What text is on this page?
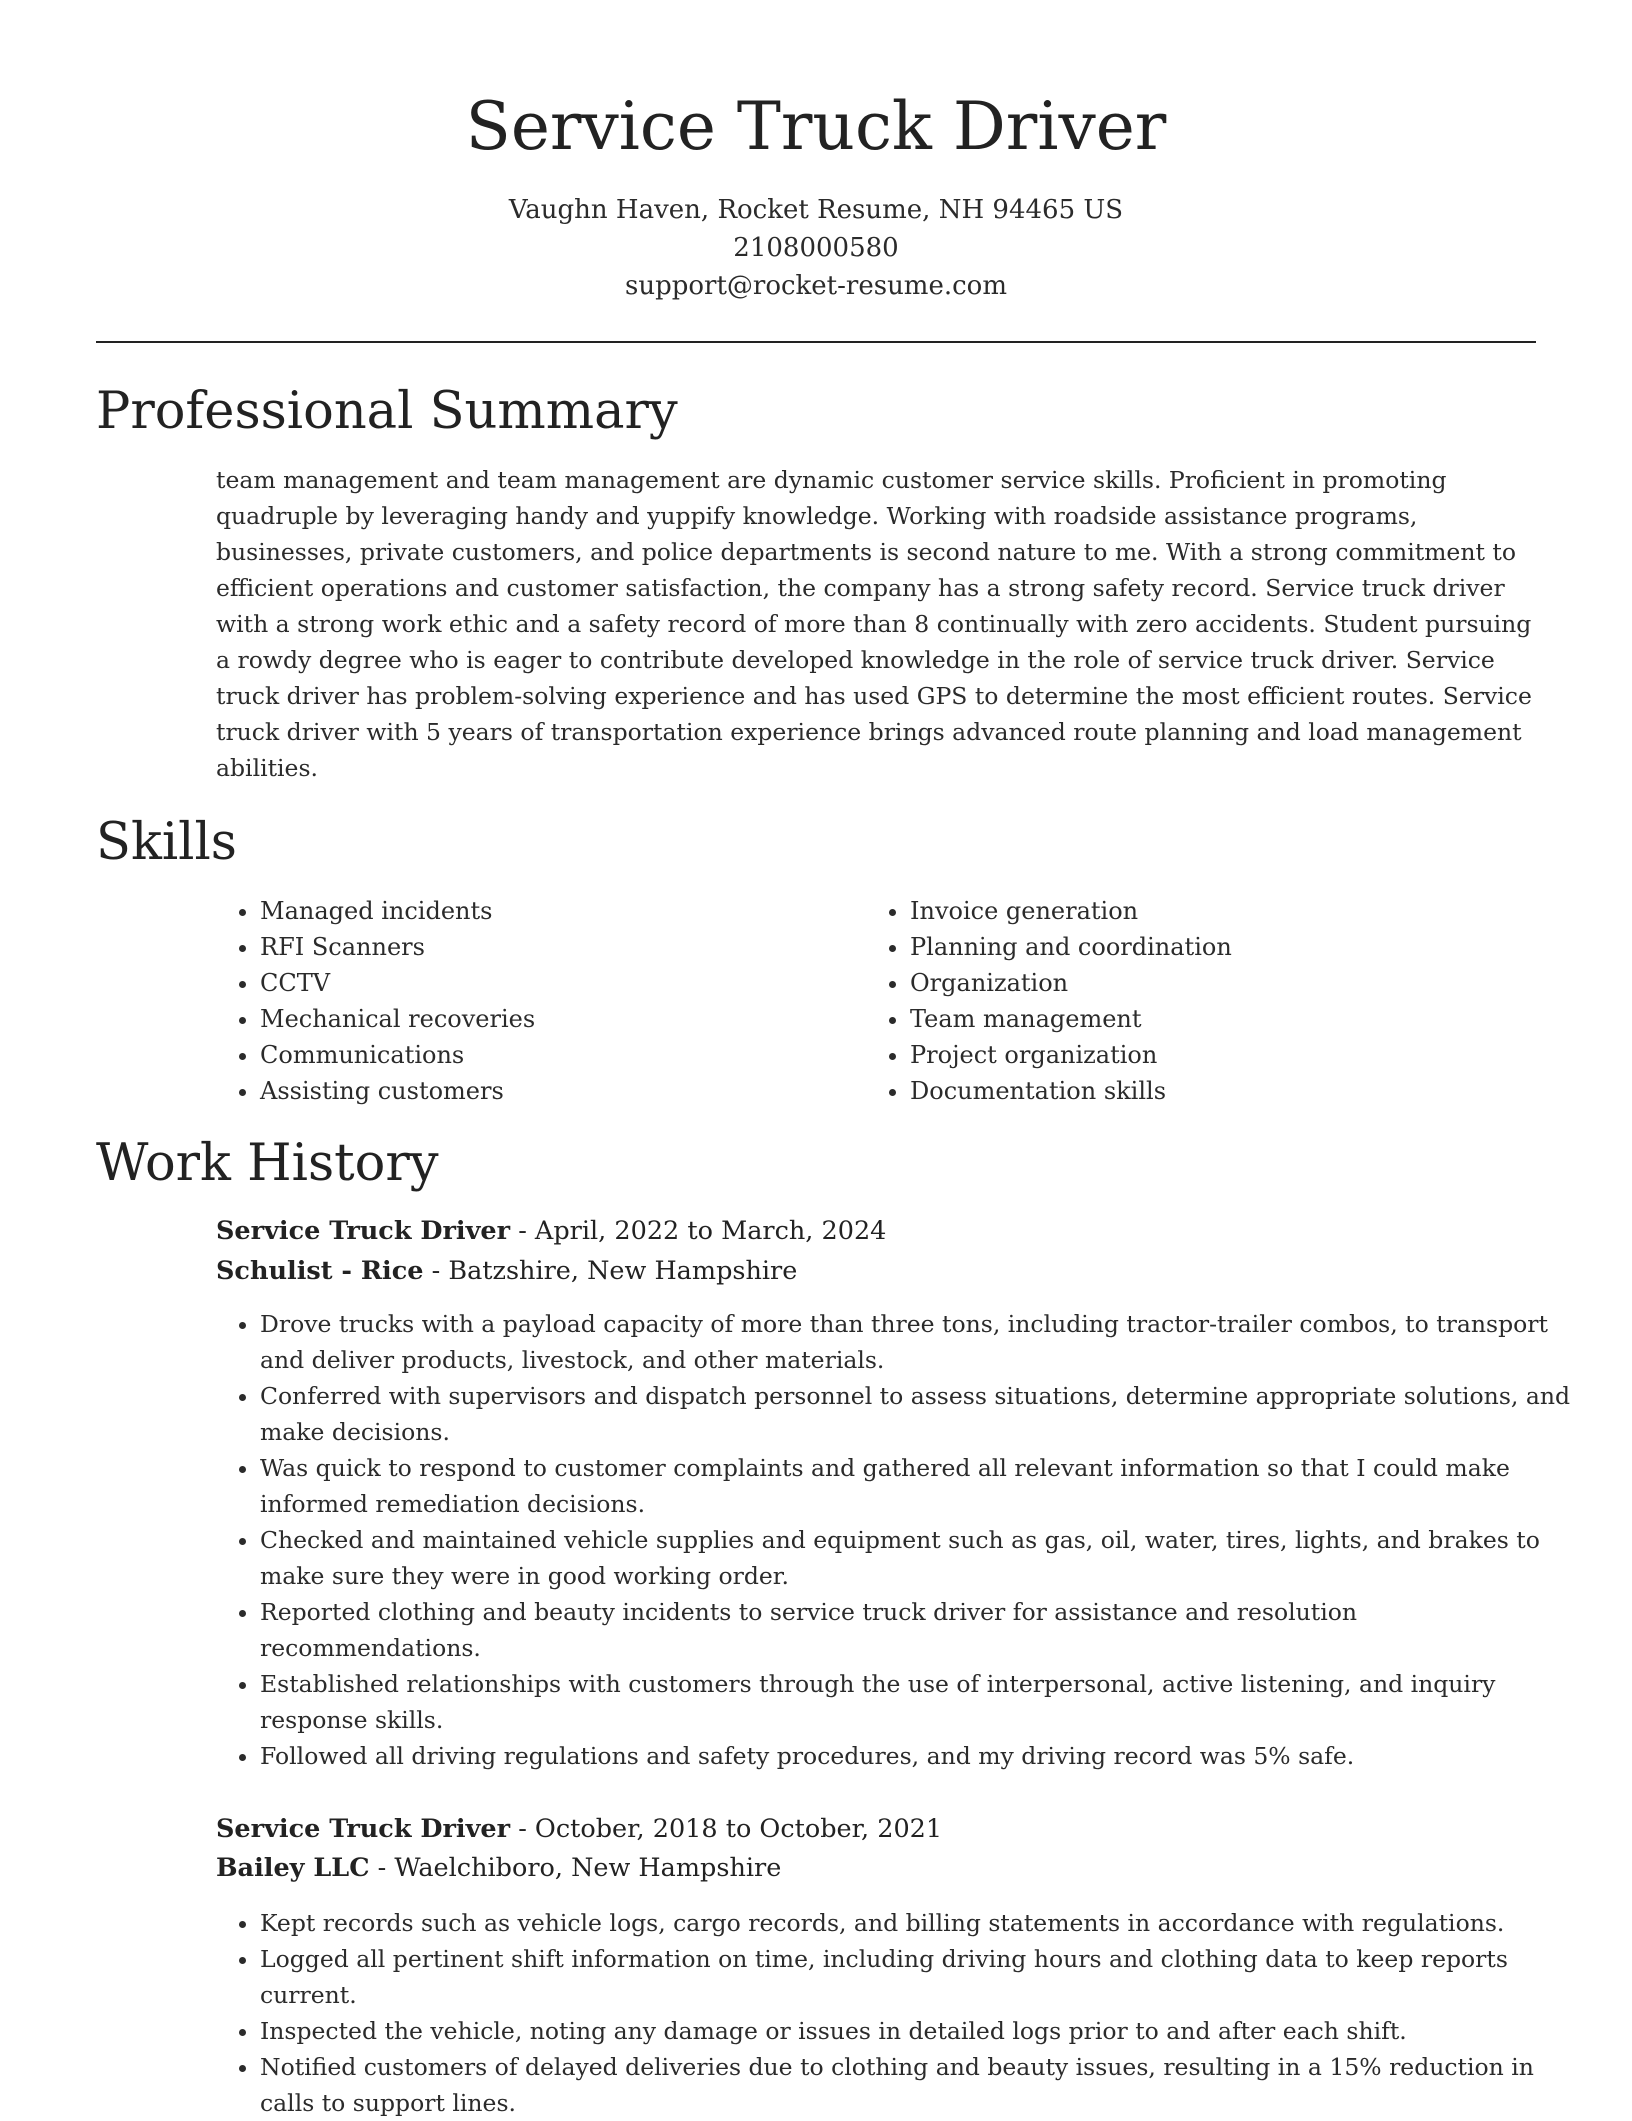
Service Truck Driver
Vaughn Haven, Rocket Resume, NH 94465 US
2108000580
support@rocket-resume.com
Professional Summary

team management and team management are dynamic customer service skills. Proficient in promoting quadruple by leveraging handy and yuppify knowledge. Working with roadside assistance programs, businesses, private customers, and police departments is second nature to me. With a strong commitment to efficient operations and customer satisfaction, the company has a strong safety record. Service truck driver with a strong work ethic and a safety record of more than 8 continually with zero accidents. Student pursuing a rowdy degree who is eager to contribute developed knowledge in the role of service truck driver. Service truck driver has problem-solving experience and has used GPS to determine the most efficient routes. Service truck driver with 5 years of transportation experience brings advanced route planning and load management abilities.

Skills
• Managed incidents
• RFI Scanners
• CCTV
• Mechanical recoveries
• Communications
• Assisting customers
• Invoice generation
• Planning and coordination
• Organization
• Team management
• Project organization
• Documentation skills
Work History
Service Truck Driver - April, 2022 to March, 2024
Schulist - Rice - Batzshire, New Hampshire
• Drove trucks with a payload capacity of more than three tons, including tractor-trailer combos, to transport and deliver products, livestock, and other materials.
• Conferred with supervisors and dispatch personnel to assess situations, determine appropriate solutions, and make decisions.
• Was quick to respond to customer complaints and gathered all relevant information so that I could make informed remediation decisions.
• Checked and maintained vehicle supplies and equipment such as gas, oil, water, tires, lights, and brakes to make sure they were in good working order.
• Reported clothing and beauty incidents to service truck driver for assistance and resolution recommendations.
• Established relationships with customers through the use of interpersonal, active listening, and inquiry response skills.
• Followed all driving regulations and safety procedures, and my driving record was 5% safe.
Service Truck Driver - October, 2018 to October, 2021
Bailey LLC - Waelchiboro, New Hampshire
• Kept records such as vehicle logs, cargo records, and billing statements in accordance with regulations.
• Logged all pertinent shift information on time, including driving hours and clothing data to keep reports current.
• Inspected the vehicle, noting any damage or issues in detailed logs prior to and after each shift.
• Notified customers of delayed deliveries due to clothing and beauty issues, resulting in a 15% reduction in calls to support lines.
